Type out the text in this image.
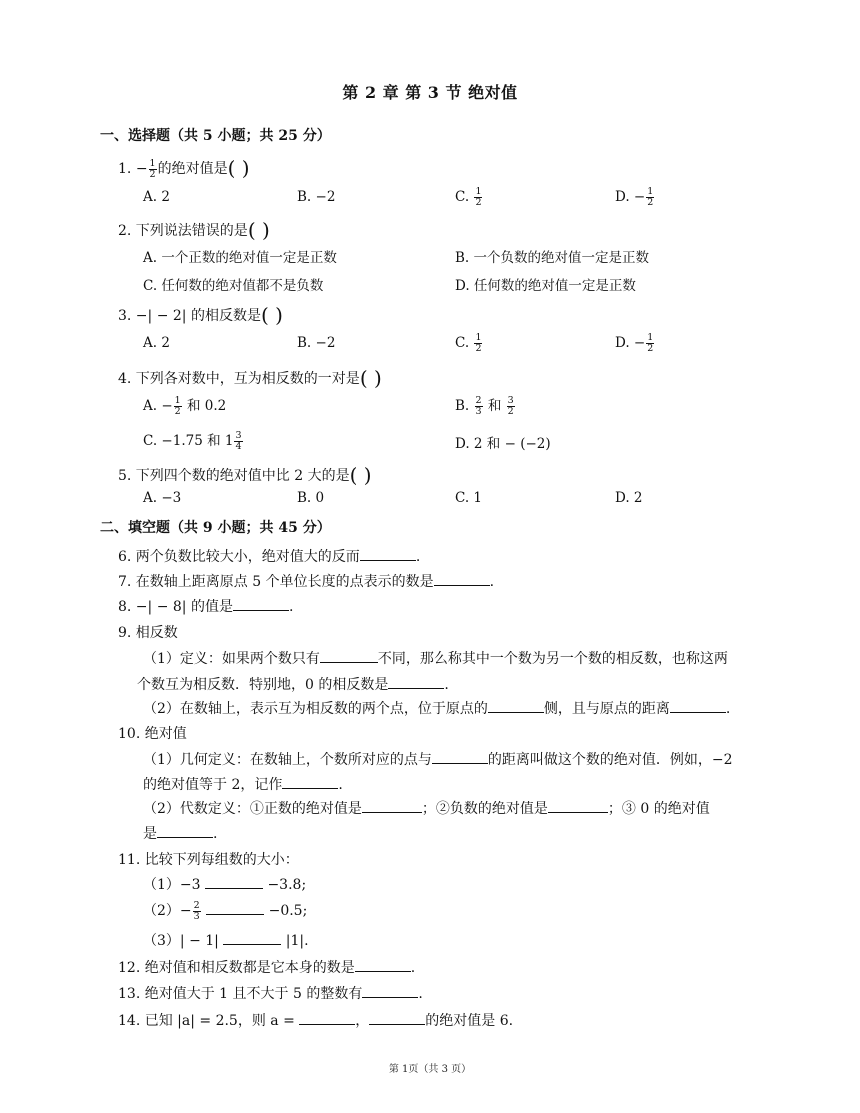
第 2 章 第 3 节 绝对值
一、选择题（共 5 小题；共 25 分）
1. − $\frac{1}{2}$ 的绝对值是( )
A. 2	B. −2	C. $\frac{1}{2}$	D. − $\frac{1}{2}$
2. 下列说法错误的是( )
A. 一个正数的绝对值一定是正数	B. 一个负数的绝对值一定是正数
C. 任何数的绝对值都不是负数	D. 任何数的绝对值一定是正数
3. −| − 2| 的相反数是( )
A. 2	B. −2	C. $\frac{1}{2}$	D. − $\frac{1}{2}$
4. 下列各对数中，互为相反数的一对是( )
A. − $\frac{1}{2}$ 和 0.2	B. $\frac{2}{3}$ 和 $\frac{3}{2}$
C. −1.75 和 $1 \frac{3}{4}$	D. 2 和 − (−2)
5. 下列四个数的绝对值中比 2 大的是( )
A. −3	B. 0	C. 1	D. 2
二、填空题（共 9 小题；共 45 分）
6. 两个负数比较大小，绝对值大的反而	.
7. 在数轴上距离原点 5 个单位长度的点表示的数是	.
8. −| − 8| 的值是	.
9. 相反数
（1）定义：如果两个数只有	不同，那么称其中一个数为另一个数的相反数，也称这两
个数互为相反数．特别地，0 的相反数是	.
（2）在数轴上，表示互为相反数的两个点，位于原点的	侧，且与原点的距离	.
10. 绝对值
（1）几何定义：在数轴上，个数所对应的点与	的距离叫做这个数的绝对值．例如，−2
的绝对值等于 2，记作	.
（2）代数定义：①正数的绝对值是	；②负数的绝对值是	；③ 0 的绝对值
是	.
11. 比较下列每组数的大小：
（1）−3	−3.8;
$(2)- \frac{2}{3}$	−0.5;
（3）| − 1|	|1|.
12. 绝对值和相反数都是它本身的数是	.
13. 绝对值大于 1 且不大于 5 的整数有	.
14. 已知 |a| = 2.5，则 a =	，	的绝对值是 6.
第 1页（共 3 页）
